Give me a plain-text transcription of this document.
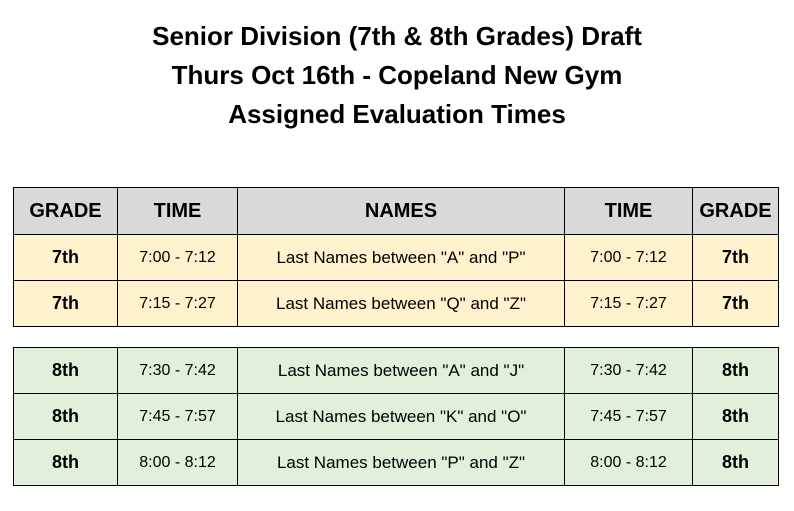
Senior Division (7th & 8th Grades) Draft
Thurs Oct 16th - Copeland New Gym
Assigned Evaluation Times
GRADE	TIME	NAMES	TIME	GRADE
7th	7:00 - 7:12	Last Names between "A" and "P"	7:00 - 7:12	7th
7th	7:15 - 7:27	Last Names between "Q" and "Z"	7:15 - 7:27	7th
8th	7:30 - 7:42	Last Names between "A" and "J"	7:30 - 7:42	8th
8th	7:45 - 7:57	Last Names between "K" and "O"	7:45 - 7:57	8th
8th	8:00 - 8:12	Last Names between "P" and "Z"	8:00 - 8:12	8th
